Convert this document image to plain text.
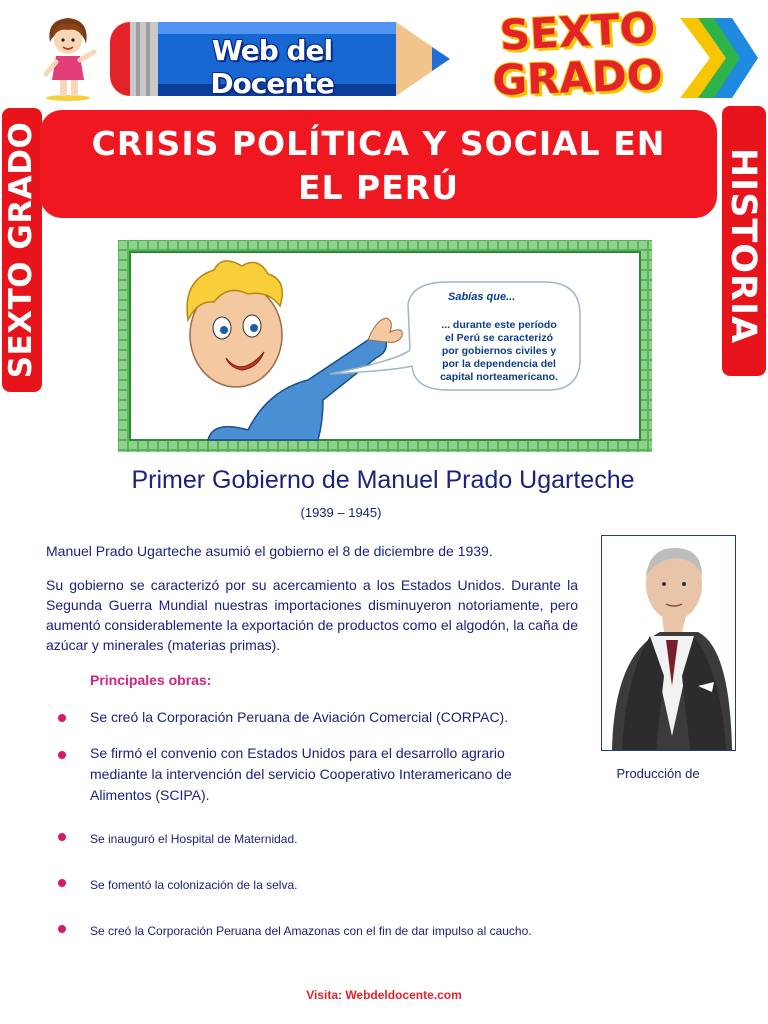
Web del Docente
SEXTO
GRADO
SEXTO GRADO	HISTORIA
CRISIS POLÍTICA Y SOCIAL EN
EL PERÚ
Sabías que...
... durante este período
el Perú se caracterizó
por gobiernos civiles y
por la dependencia del
capital norteamericano.
Primer Gobierno de Manuel Prado Ugarteche
(1939 – 1945)
Manuel Prado Ugarteche asumió el gobierno el 8 de diciembre de 1939.
Su gobierno se caracterizó por su acercamiento a los Estados Unidos. Durante la Segunda Guerra Mundial nuestras importaciones disminuyeron notoriamente, pero aumentó considerablemente la exportación de productos como el algodón, la caña de azúcar y minerales (materias primas).
Principales obras:
Producción de
Se creó la Corporación Peruana de Aviación Comercial (CORPAC).
Se firmó el convenio con Estados Unidos para el desarrollo agrario mediante la intervención del servicio Cooperativo Interamericano de Alimentos (SCIPA).
Se inauguró el Hospital de Maternidad.
Se fomentó la colonización de la selva.
Se creó la Corporación Peruana del Amazonas con el fin de dar impulso al caucho.
Visita: Webdeldocente.com
